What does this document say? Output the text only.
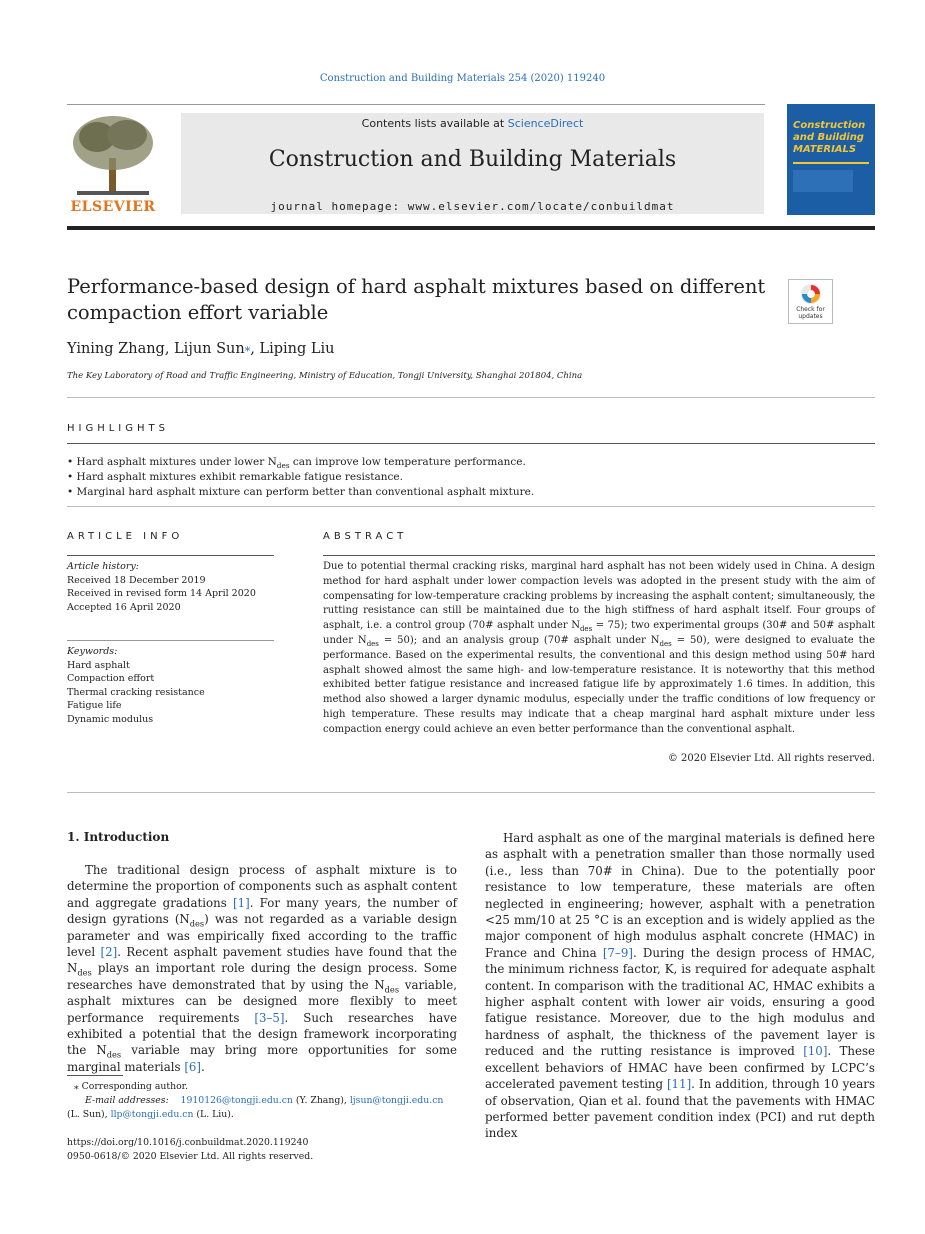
Construction and Building Materials 254 (2020) 119240
ELSEVIER
Contents lists available at ScienceDirect
Construction and Building Materials
journal homepage: www.elsevier.com/locate/conbuildmat
Construction and Building MATERIALS
Performance-based design of hard asphalt mixtures based on different compaction effort variable	Check for updates
Yining Zhang, Lijun Sun⁎, Liping Liu
The Key Laboratory of Road and Traffic Engineering, Ministry of Education, Tongji University, Shanghai 201804, China
HIGHLIGHTS
• Hard asphalt mixtures under lower $N_{des}$ can improve low temperature performance.
• Hard asphalt mixtures exhibit remarkable fatigue resistance.
• Marginal hard asphalt mixture can perform better than conventional asphalt mixture.
ARTICLE INFO
Article history:
Received 18 December 2019
Received in revised form 14 April 2020
Accepted 16 April 2020
Keywords:
Hard asphalt
Compaction effort
Thermal cracking resistance
Fatigue life
Dynamic modulus
ABSTRACT
Due to potential thermal cracking risks, marginal hard asphalt has not been widely used in China. A design method for hard asphalt under lower compaction levels was adopted in the present study with the aim of compensating for low-temperature cracking problems by increasing the asphalt content; simultaneously, the rutting resistance can still be maintained due to the high stiffness of hard asphalt itself. Four groups of asphalt, i.e. a control group (70# asphalt under $N_{des} = 75$); two experimental groups (30# and 50# asphalt under $N_{des} = 50$); and an analysis group (70# asphalt under $N_{des} = 50$), were designed to evaluate the performance. Based on the experimental results, the conventional and this design method using 50# hard asphalt showed almost the same high- and low-temperature resistance. It is noteworthy that this method exhibited better fatigue resistance and increased fatigue life by approximately 1.6 times. In addition, this method also showed a larger dynamic modulus, especially under the traffic conditions of low frequency or high temperature. These results may indicate that a cheap marginal hard asphalt mixture under less compaction energy could achieve an even better performance than the conventional asphalt.
© 2020 Elsevier Ltd. All rights reserved.
1. Introduction
The traditional design process of asphalt mixture is to determine the proportion of components such as asphalt content and aggregate gradations [1]. For many years, the number of design gyrations $(N_{des})$ was not regarded as a variable design parameter and was empirically fixed according to the traffic level [2]. Recent asphalt pavement studies have found that the $N_{des}$ plays an important role during the design process. Some researches have demonstrated that by using the $N_{des}$ variable, asphalt mixtures can be designed more flexibly to meet performance requirements [3–5]. Such researches have exhibited a potential that the design framework incorporating the $N_{des}$ variable may bring more opportunities for some marginal materials [6].
Hard asphalt as one of the marginal materials is defined here as asphalt with a penetration smaller than those normally used (i.e., less than 70# in China). Due to the potentially poor resistance to low temperature, these materials are often neglected in engineering; however, asphalt with a penetration <25 mm/10 at 25 °C is an exception and is widely applied as the major component of high modulus asphalt concrete (HMAC) in France and China [7–9]. During the design process of HMAC, the minimum richness factor, K, is required for adequate asphalt content. In comparison with the traditional AC, HMAC exhibits a higher asphalt content with lower air voids, ensuring a good fatigue resistance. Moreover, due to the high modulus and hardness of asphalt, the thickness of the pavement layer is reduced and the rutting resistance is improved [10]. These excellent behaviors of HMAC have been confirmed by LCPC’s accelerated pavement testing [11]. In addition, through 10 years of observation, Qian et al. found that the pavements with HMAC performed better pavement condition index (PCI) and rut depth index
⁎ Corresponding author.
E-mail addresses: 1910126@tongji.edu.cn (Y. Zhang), ljsun@tongji.edu.cn
(L. Sun), llp@tongji.edu.cn (L. Liu).
https://doi.org/10.1016/j.conbuildmat.2020.119240
0950-0618/© 2020 Elsevier Ltd. All rights reserved.
